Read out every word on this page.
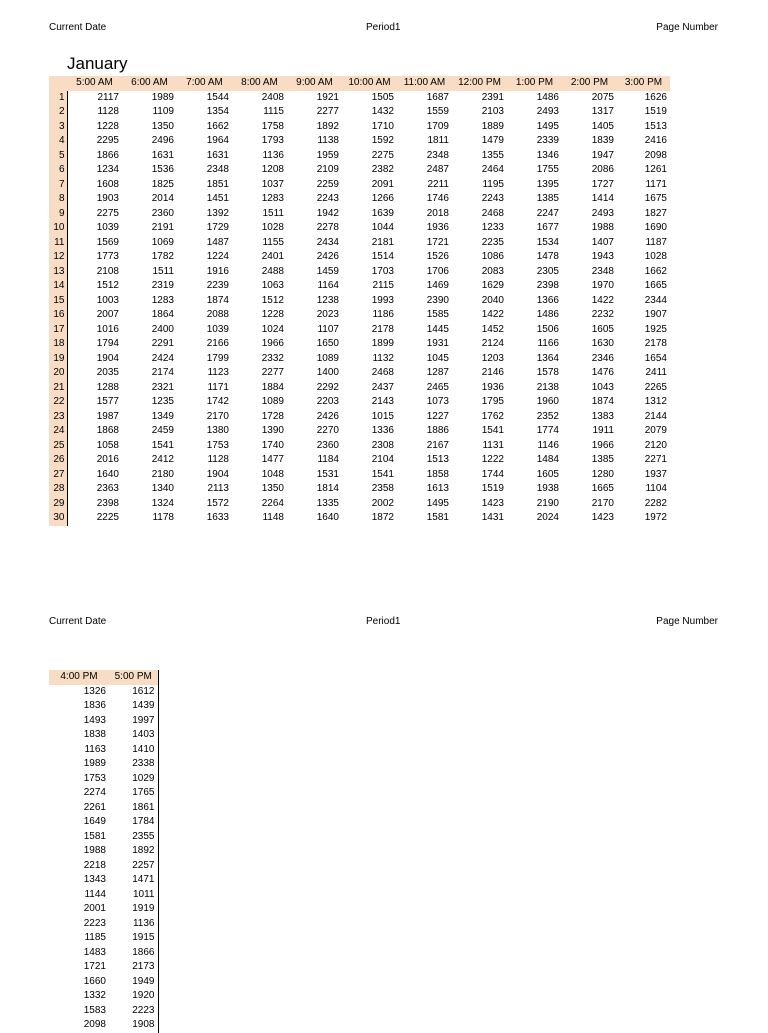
Current Date	Period1	Page Number
January
	5:00 AM	6:00 AM	7:00 AM	8:00 AM	9:00 AM	10:00 AM	11:00 AM	12:00 PM	1:00 PM	2:00 PM	3:00 PM
1	2117	1989	1544	2408	1921	1505	1687	2391	1486	2075	1626
2	1128	1109	1354	1115	2277	1432	1559	2103	2493	1317	1519
3	1228	1350	1662	1758	1892	1710	1709	1889	1495	1405	1513
4	2295	2496	1964	1793	1138	1592	1811	1479	2339	1839	2416
5	1866	1631	1631	1136	1959	2275	2348	1355	1346	1947	2098
6	1234	1536	2348	1208	2109	2382	2487	2464	1755	2086	1261
7	1608	1825	1851	1037	2259	2091	2211	1195	1395	1727	1171
8	1903	2014	1451	1283	2243	1266	1746	2243	1385	1414	1675
9	2275	2360	1392	1511	1942	1639	2018	2468	2247	2493	1827
10	1039	2191	1729	1028	2278	1044	1936	1233	1677	1988	1690
11	1569	1069	1487	1155	2434	2181	1721	2235	1534	1407	1187
12	1773	1782	1224	2401	2426	1514	1526	1086	1478	1943	1028
13	2108	1511	1916	2488	1459	1703	1706	2083	2305	2348	1662
14	1512	2319	2239	1063	1164	2115	1469	1629	2398	1970	1665
15	1003	1283	1874	1512	1238	1993	2390	2040	1366	1422	2344
16	2007	1864	2088	1228	2023	1186	1585	1422	1486	2232	1907
17	1016	2400	1039	1024	1107	2178	1445	1452	1506	1605	1925
18	1794	2291	2166	1966	1650	1899	1931	2124	1166	1630	2178
19	1904	2424	1799	2332	1089	1132	1045	1203	1364	2346	1654
20	2035	2174	1123	2277	1400	2468	1287	2146	1578	1476	2411
21	1288	2321	1171	1884	2292	2437	2465	1936	2138	1043	2265
22	1577	1235	1742	1089	2203	2143	1073	1795	1960	1874	1312
23	1987	1349	2170	1728	2426	1015	1227	1762	2352	1383	2144
24	1868	2459	1380	1390	2270	1336	1886	1541	1774	1911	2079
25	1058	1541	1753	1740	2360	2308	2167	1131	1146	1966	2120
26	2016	2412	1128	1477	1184	2104	1513	1222	1484	1385	2271
27	1640	2180	1904	1048	1531	1541	1858	1744	1605	1280	1937
28	2363	1340	2113	1350	1814	2358	1613	1519	1938	1665	1104
29	2398	1324	1572	2264	1335	2002	1495	1423	2190	2170	2282
30	2225	1178	1633	1148	1640	1872	1581	1431	2024	1423	1972
Current Date	Period1	Page Number
4:00 PM	5:00 PM
1326	1612
1836	1439
1493	1997
1838	1403
1163	1410
1989	2338
1753	1029
2274	1765
2261	1861
1649	1784
1581	2355
1988	1892
2218	2257
1343	1471
1144	1011
2001	1919
2223	1136
1185	1915
1483	1866
1721	2173
1660	1949
1332	1920
1583	2223
2098	1908
